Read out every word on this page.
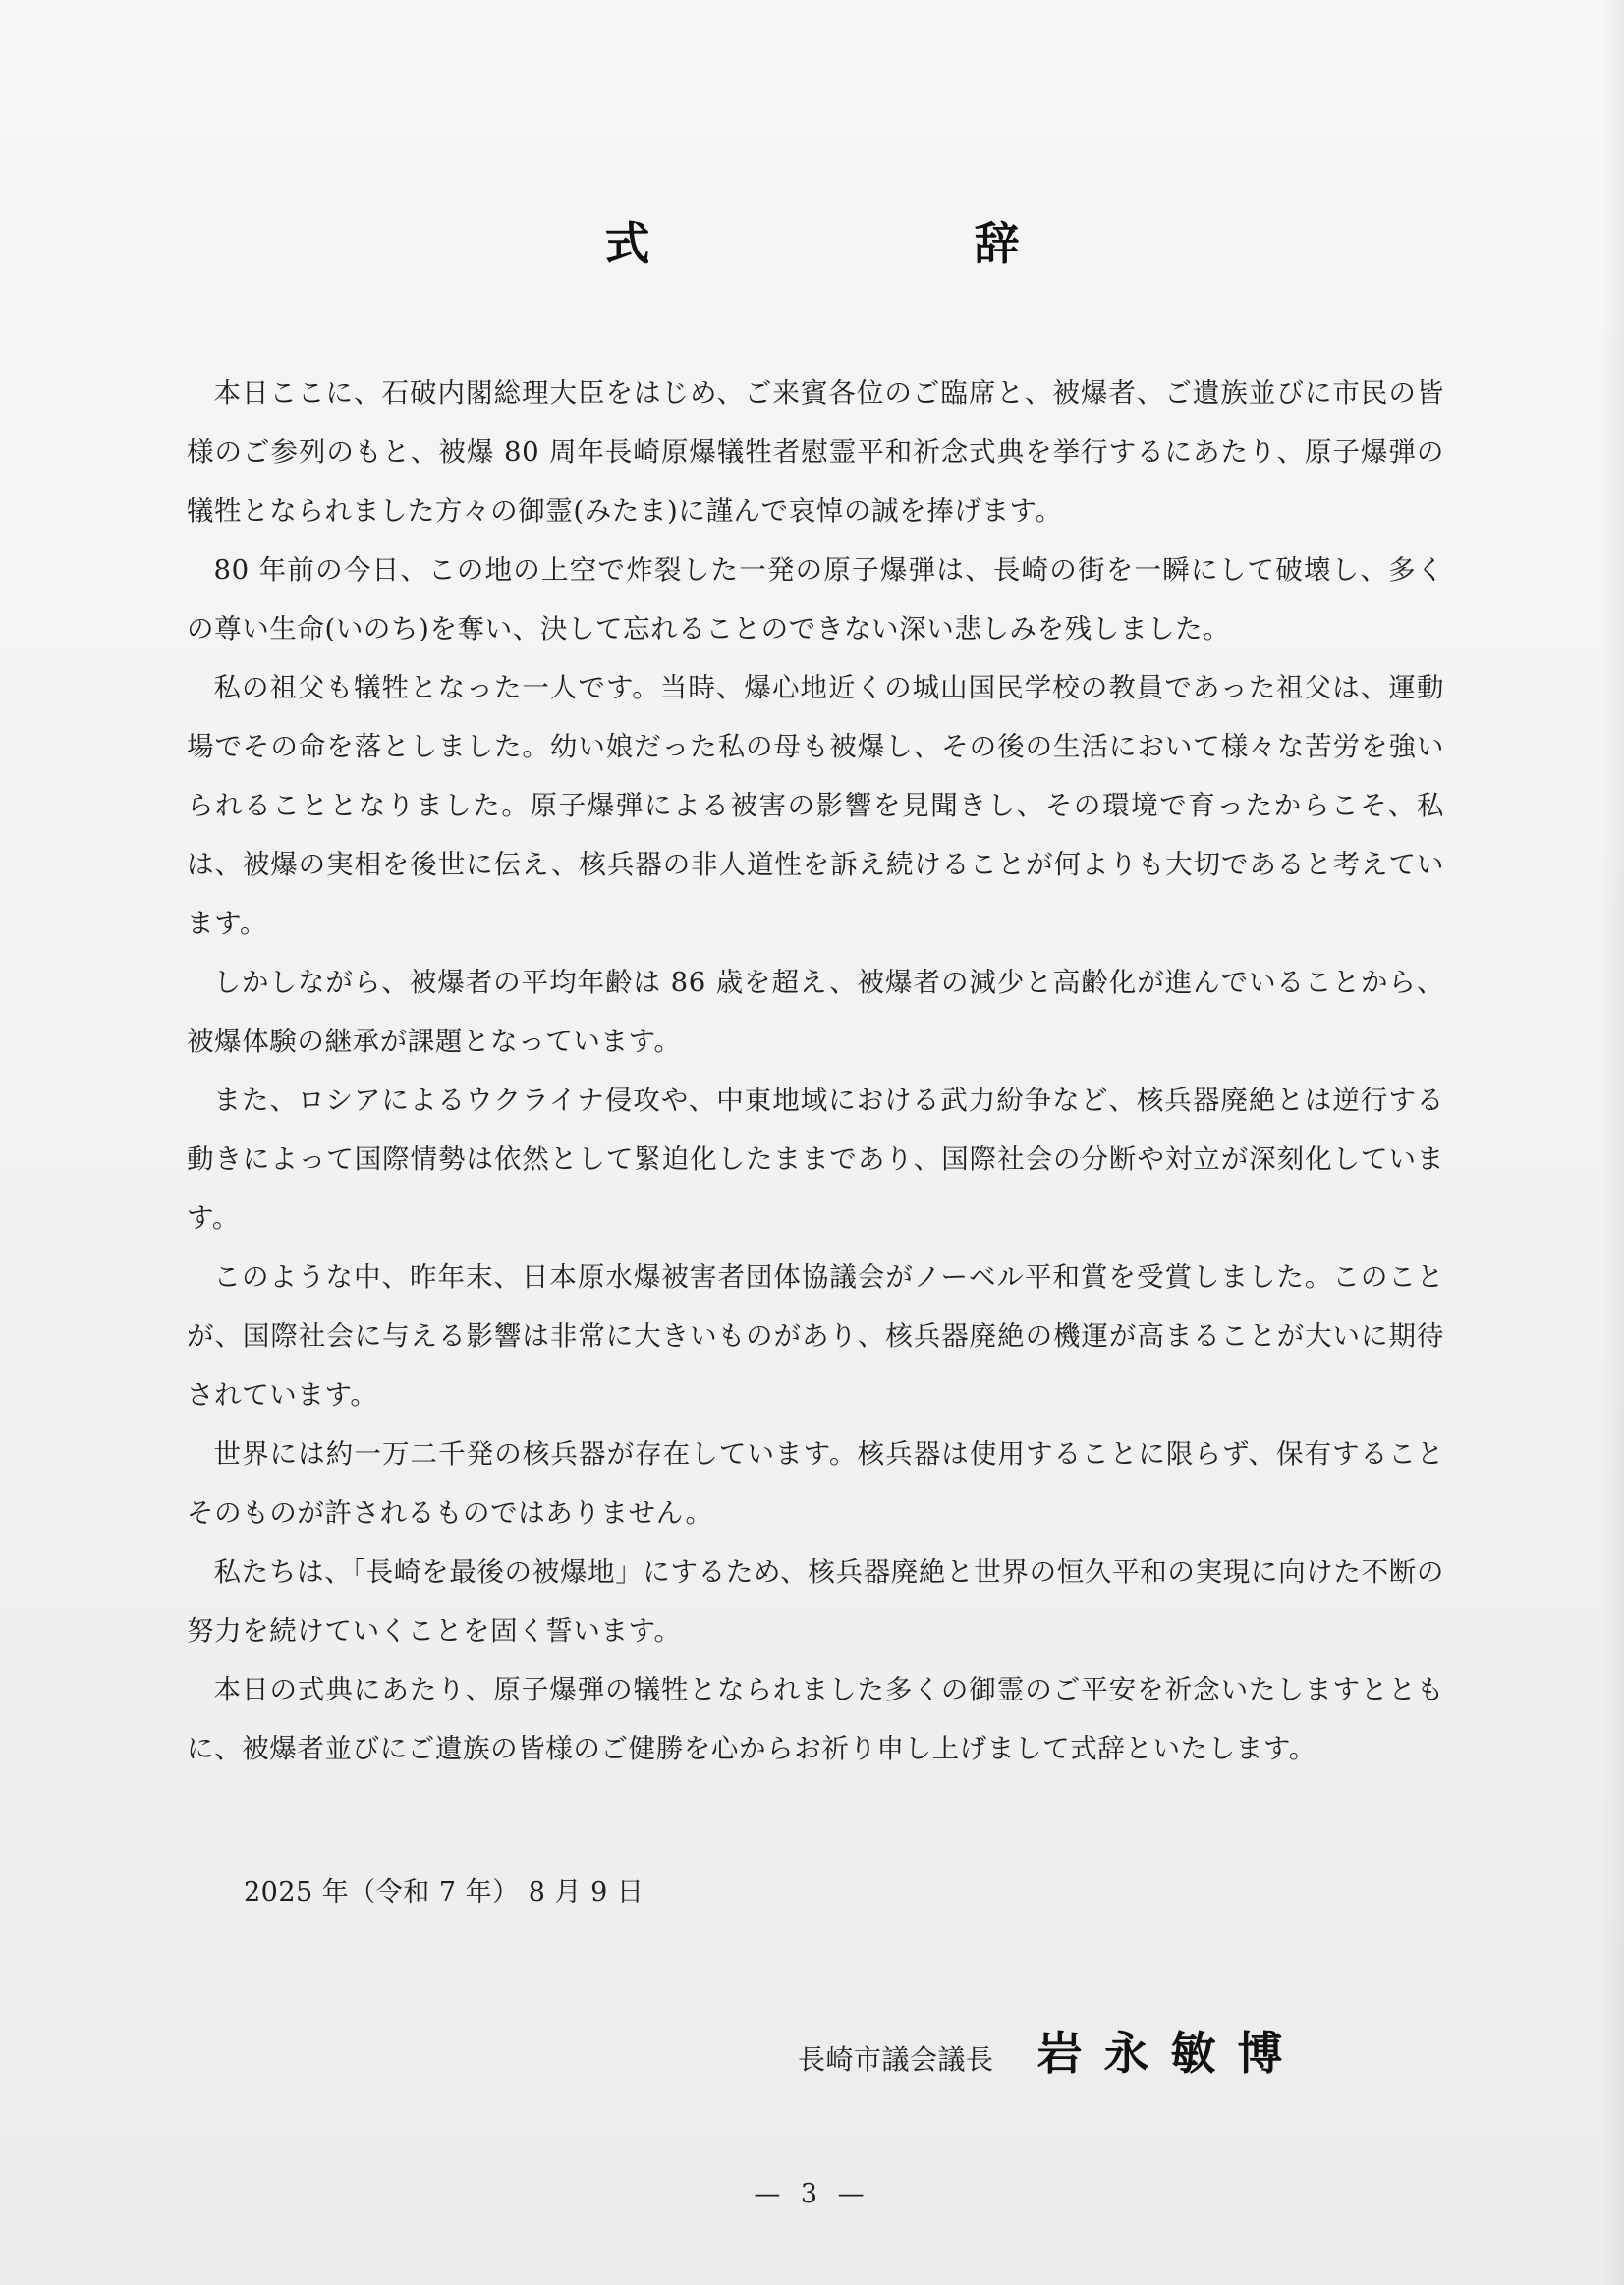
式	辞

本日ここに、石破内閣総理大臣をはじめ、ご来賓各位のご臨席と、被爆者、ご遺族並びに市民の皆様のご参列のもと、被爆 80 周年長崎原爆犠牲者慰霊平和祈念式典を挙行するにあたり、原子爆弾の犠牲となられました方々の御霊(みたま)に謹んで哀悼の誠を捧げます。

80 年前の今日、この地の上空で炸裂した一発の原子爆弾は、長崎の街を一瞬にして破壊し、多くの尊い生命(いのち)を奪い、決して忘れることのできない深い悲しみを残しました。

私の祖父も犠牲となった一人です。当時、爆心地近くの城山国民学校の教員であった祖父は、運動場でその命を落としました。幼い娘だった私の母も被爆し、その後の生活において様々な苦労を強いられることとなりました。原子爆弾による被害の影響を見聞きし、その環境で育ったからこそ、私は、被爆の実相を後世に伝え、核兵器の非人道性を訴え続けることが何よりも大切であると考えています。

しかしながら、被爆者の平均年齢は 86 歳を超え、被爆者の減少と高齢化が進んでいることから、被爆体験の継承が課題となっています。

また、ロシアによるウクライナ侵攻や、中東地域における武力紛争など、核兵器廃絶とは逆行する動きによって国際情勢は依然として緊迫化したままであり、国際社会の分断や対立が深刻化しています。

このような中、昨年末、日本原水爆被害者団体協議会がノーベル平和賞を受賞しました。このことが、国際社会に与える影響は非常に大きいものがあり、核兵器廃絶の機運が高まることが大いに期待されています。

世界には約一万二千発の核兵器が存在しています。核兵器は使用することに限らず、保有することそのものが許されるものではありません。

私たちは、「長崎を最後の被爆地」にするため、核兵器廃絶と世界の恒久平和の実現に向けた不断の努力を続けていくことを固く誓います。

本日の式典にあたり、原子爆弾の犠牲となられました多くの御霊のご平安を祈念いたしますとともに、被爆者並びにご遺族の皆様のご健勝を心からお祈り申し上げまして式辞といたします。

2025 年（令和 7 年） 8 月 9 日
長崎市議会議長 岩永敏博
— 3 —
